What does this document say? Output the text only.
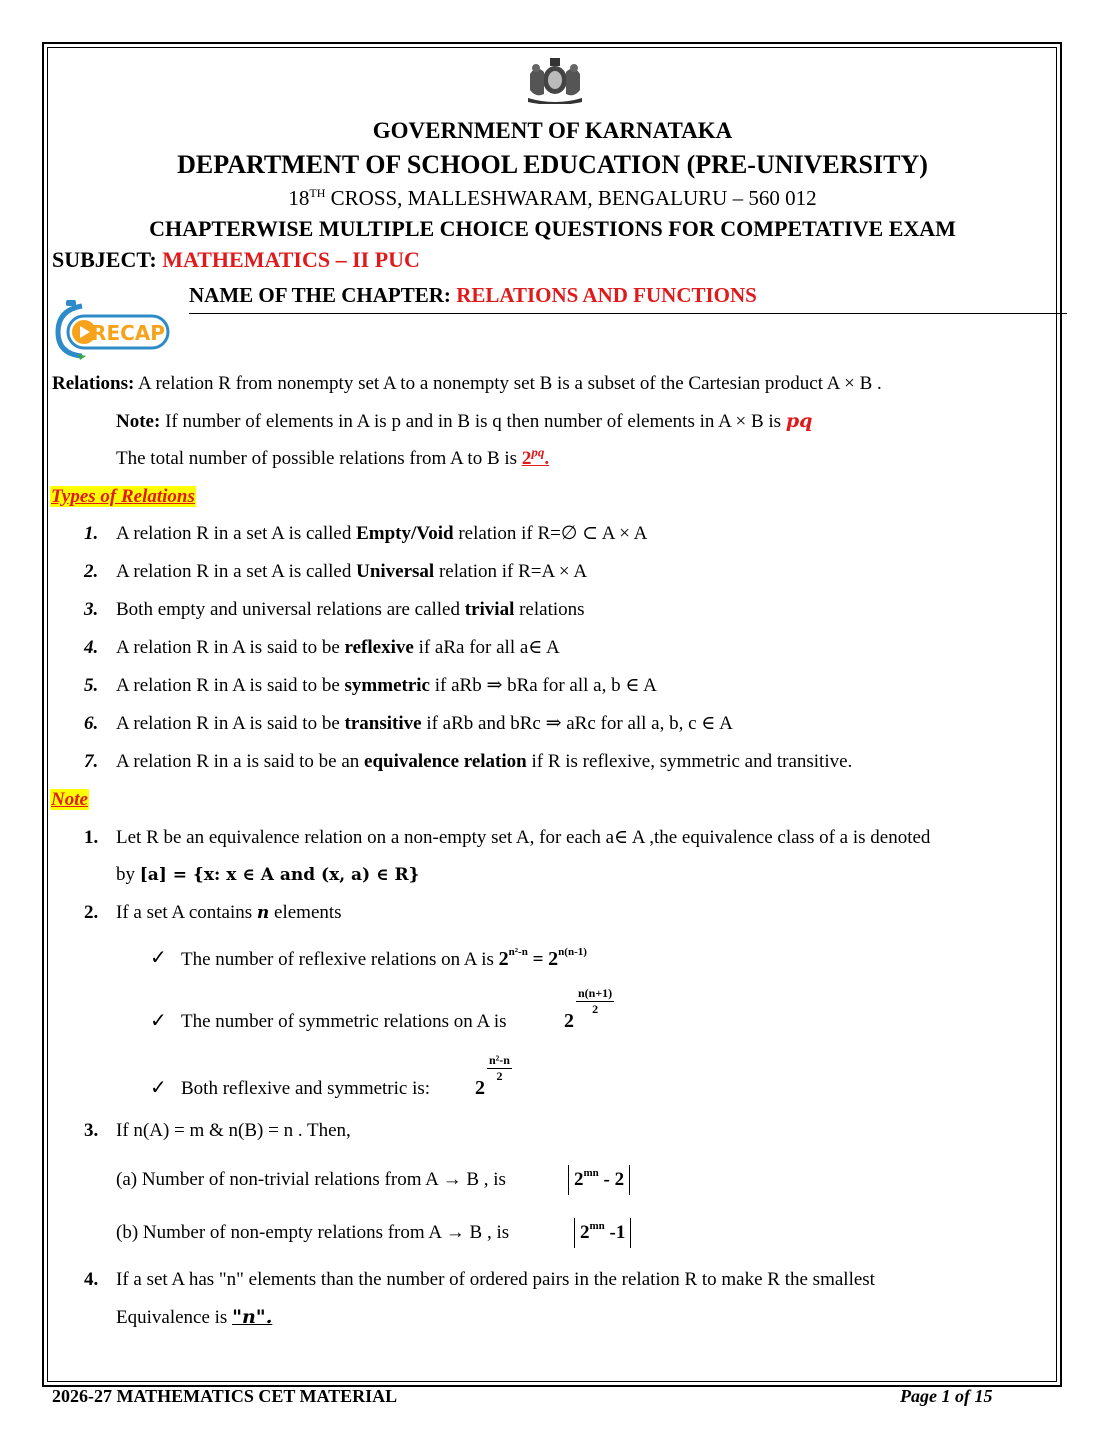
GOVERNMENT OF KARNATAKA
DEPARTMENT OF SCHOOL EDUCATION (PRE-UNIVERSITY)
18TH CROSS, MALLESHWARAM, BENGALURU – 560 012
CHAPTERWISE MULTIPLE CHOICE QUESTIONS FOR COMPETATIVE EXAM
SUBJECT: MATHEMATICS – II PUC
NAME OF THE CHAPTER: RELATIONS AND FUNCTIONS
RECAP
Relations: A relation R from nonempty set A to a nonempty set B is a subset of the Cartesian product A × B .
Note: If number of elements in A is p and in B is q then number of elements in A × B is pq
The total number of possible relations from A to B is $2^{pq}$.
Types of Relations
1. A relation R in a set A is called Empty/Void relation if R=∅ ⊂ A × A
2. A relation R in a set A is called Universal relation if R=A × A
3. Both empty and universal relations are called trivial relations
4. A relation R in A is said to be reflexive if aRa for all a∈ A
5. A relation R in A is said to be symmetric if aRb ⇒ bRa for all a, b ∈ A
6. A relation R in A is said to be transitive if aRb and bRc ⇒ aRc for all a, b, c ∈ A
7. A relation R in a is said to be an equivalence relation if R is reflexive, symmetric and transitive.
Note
1. Let R be an equivalence relation on a non-empty set A, for each a∈ A ,the equivalence class of a is denoted
by [a] = {x: x ∈ A and (x, a) ∈ R}
2. If a set A contains n elements
✓ The number of reflexive relations on A is $2^{n^2-n} = 2^{n(n-1)}$
✓ The number of symmetric relations on A is	2
$\frac{n(n+1)}{2}$
✓ Both reflexive and symmetric is: 2
$\frac{\text{n²-n}}{2}$
3. If n(A) = m & n(B) = n . Then,
(a) Number of non-trivial relations from A → B , is	$2^{mn} - 2$
(b) Number of non-empty relations from A → B , is	$2^{mn}$ -1
4. If a set A has "n" elements than the number of ordered pairs in the relation R to make R the smallest
Equivalence is "n".
2026-27 MATHEMATICS CET MATERIAL	Page 1 of 15
